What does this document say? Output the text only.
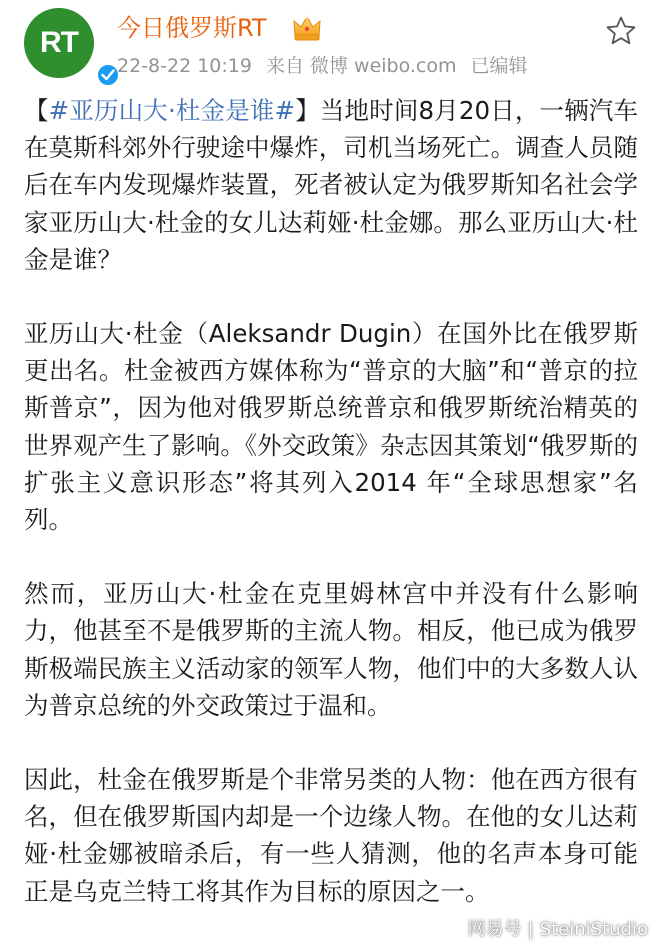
RT	今日俄罗斯RT
22-8-22 10:19 来自 微博 weibo.com 已编辑

【#亚历山大·杜金是谁#】当地时间8月20日，一辆汽车在莫斯科郊外行驶途中爆炸，司机当场死亡。调查人员随后在车内发现爆炸装置，死者被认定为俄罗斯知名社会学家亚历山大·杜金的女儿达莉娅·杜金娜。那么亚历山大·杜金是谁？

亚历山大·杜金（Aleksandr Dugin）在国外比在俄罗斯更出名。杜金被西方媒体称为“普京的大脑”和“普京的拉斯普京”，因为他对俄罗斯总统普京和俄罗斯统治精英的世界观产生了影响。《外交政策》杂志因其策划“俄罗斯的扩张主义意识形态”将其列入2014 年“全球思想家”名列。

然而，亚历山大·杜金在克里姆林宫中并没有什么影响力，他甚至不是俄罗斯的主流人物。相反，他已成为俄罗斯极端民族主义活动家的领军人物，他们中的大多数人认为普京总统的外交政策过于温和。

因此，杜金在俄罗斯是个非常另类的人物：他在西方很有名，但在俄罗斯国内却是一个边缘人物。在他的女儿达莉娅·杜金娜被暗杀后，有一些人猜测，他的名声本身可能正是乌克兰特工将其作为目标的原因之一。

网易号 | SteiniStudio
